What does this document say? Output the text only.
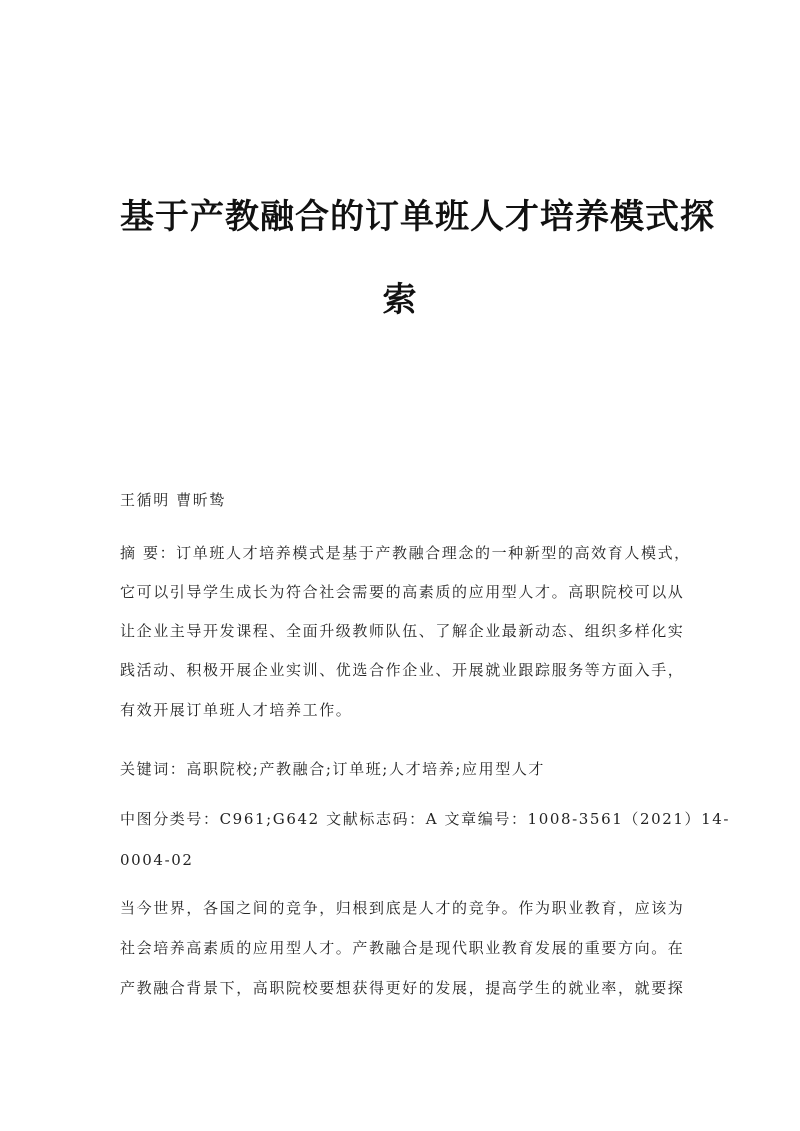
基于产教融合的订单班人才培养模式探
索
王循明 曹昕鸷
摘 要：订单班人才培养模式是基于产教融合理念的一种新型的高效育人模式，
它可以引导学生成长为符合社会需要的高素质的应用型人才。高职院校可以从
让企业主导开发课程、全面升级教师队伍、了解企业最新动态、组织多样化实
践活动、积极开展企业实训、优选合作企业、开展就业跟踪服务等方面入手，
有效开展订单班人才培养工作。
关键词：高职院校;产教融合;订单班;人才培养;应用型人才
中图分类号：C961;G642 文献标志码：A 文章编号：1008-3561（2021）14-
0004-02
当今世界，各国之间的竞争，归根到底是人才的竞争。作为职业教育，应该为
社会培养高素质的应用型人才。产教融合是现代职业教育发展的重要方向。在
产教融合背景下，高职院校要想获得更好的发展，提高学生的就业率，就要探
